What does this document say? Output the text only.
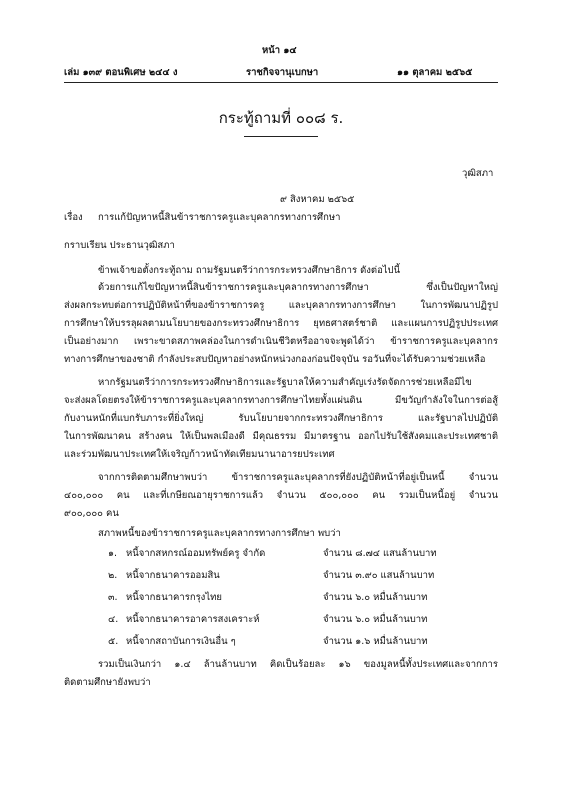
หน้า ๑๔
เล่ม ๑๓๙ ตอนพิเศษ ๒๔๔ ง	ราชกิจจานุเบกษา	๑๑ ตุลาคม ๒๕๖๕
กระทู้ถามที่ ๐๐๘ ร.
วุฒิสภา
๙ สิงหาคม ๒๕๖๕
เรื่อง การแก้ปัญหาหนี้สินข้าราชการครูและบุคลากรทางการศึกษา
กราบเรียน ประธานวุฒิสภา
ข้าพเจ้าขอตั้งกระทู้ถาม ถามรัฐมนตรีว่าการกระทรวงศึกษาธิการ ดังต่อไปนี้
ด้วยการแก้ไขปัญหาหนี้สินข้าราชการครูและบุคลากรทางการศึกษา ซึ่งเป็นปัญหาใหญ่
ส่งผลกระทบต่อการปฏิบัติหน้าที่ของข้าราชการครู และบุคลากรทางการศึกษา ในการพัฒนาปฏิรูป
การศึกษาให้บรรลุผลตามนโยบายของกระทรวงศึกษาธิการ ยุทธศาสตร์ชาติ และแผนการปฏิรูปประเทศ
เป็นอย่างมาก เพราะขาดสภาพคล่องในการดำเนินชีวิตหรืออาจจะพูดได้ว่า ข้าราชการครูและบุคลากร
ทางการศึกษาของชาติ กำลังประสบปัญหาอย่างหนักหน่วงกองก่อนปัจจุบัน รอวันที่จะได้รับความช่วยเหลือ
หากรัฐมนตรีว่าการกระทรวงศึกษาธิการและรัฐบาลให้ความสำคัญเร่งรัดจัดการช่วยเหลือมีไข
จะส่งผลโดยตรงให้ข้าราชการครูและบุคลากรทางการศึกษาไทยทั้งแผ่นดิน มีขวัญกำลังใจในการต่อสู้
กับงานหนักที่แบกรับภาระที่ยิ่งใหญ่ รับนโยบายจากกระทรวงศึกษาธิการ และรัฐบาลไปปฏิบัติ
ในการพัฒนาคน สร้างคน ให้เป็นพลเมืองดี มีคุณธรรม มีมาตรฐาน ออกไปรับใช้สังคมและประเทศชาติ
และร่วมพัฒนาประเทศให้เจริญก้าวหน้าทัดเทียมนานาอารยประเทศ
จากการติดตามศึกษาพบว่า ข้าราชการครูและบุคลากรที่ยังปฏิบัติหน้าที่อยู่เป็นหนี้ จำนวน
๔๐๐,๐๐๐ คน และที่เกษียณอายุราชการแล้ว จำนวน ๕๐๐,๐๐๐ คน รวมเป็นหนี้อยู่ จำนวน
๙๐๐,๐๐๐ คน
สภาพหนี้ของข้าราชการครูและบุคลากรทางการศึกษา พบว่า
๑. หนี้จากสหกรณ์ออมทรัพย์ครู จำกัด	จำนวน ๘.๗๔ แสนล้านบาท
๒. หนี้จากธนาคารออมสิน	จำนวน ๓.๙๐ แสนล้านบาท
๓. หนี้จากธนาคารกรุงไทย	จำนวน ๖.๐ หมื่นล้านบาท
๔. หนี้จากธนาคารอาคารสงเคราะห์	จำนวน ๖.๐ หมื่นล้านบาท
๕. หนี้จากสถาบันการเงินอื่น ๆ	จำนวน ๑.๖ หมื่นล้านบาท
รวมเป็นเงินกว่า ๑.๔ ล้านล้านบาท คิดเป็นร้อยละ ๑๖ ของมูลหนี้ทั้งประเทศและจากการ
ติดตามศึกษายังพบว่า
